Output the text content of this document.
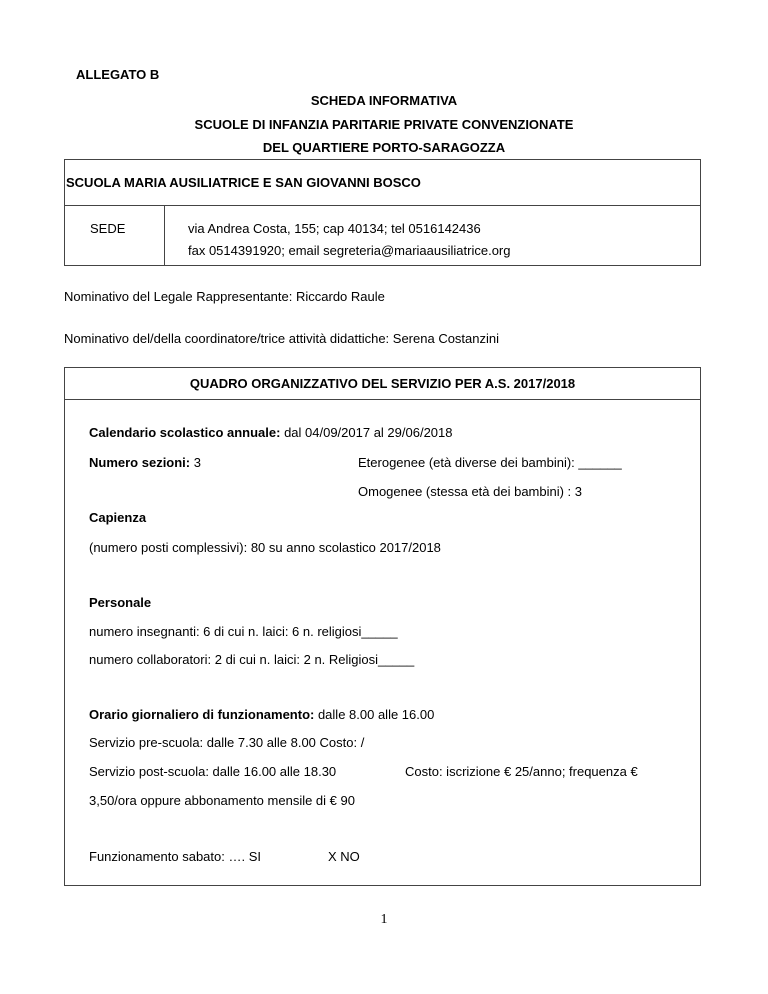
ALLEGATO B
SCHEDA INFORMATIVA
SCUOLE DI INFANZIA PARITARIE PRIVATE CONVENZIONATE
DEL QUARTIERE PORTO-SARAGOZZA
SCUOLA MARIA AUSILIATRICE E SAN GIOVANNI BOSCO
SEDE	via Andrea Costa, 155; cap 40134; tel 0516142436
fax 0514391920; email segreteria@mariaausiliatrice.org
Nominativo del Legale Rappresentante: Riccardo Raule
Nominativo del/della coordinatore/trice attività didattiche: Serena Costanzini
QUADRO ORGANIZZATIVO DEL SERVIZIO PER A.S. 2017/2018
Calendario scolastico annuale: dal 04/09/2017 al 29/06/2018
Numero sezioni: 3	Eterogenee (età diverse dei bambini): ______
Omogenee (stessa età dei bambini) : 3
Capienza
(numero posti complessivi): 80 su anno scolastico 2017/2018
Personale
numero insegnanti: 6 di cui n. laici: 6 n. religiosi_____
numero collaboratori: 2 di cui n. laici: 2 n. Religiosi_____
Orario giornaliero di funzionamento: dalle 8.00 alle 16.00
Servizio pre-scuola: dalle 7.30 alle 8.00 Costo: /
Servizio post-scuola: dalle 16.00 alle 18.30	Costo: iscrizione € 25/anno; frequenza €
3,50/ora oppure abbonamento mensile di € 90
Funzionamento sabato: …. SI	X NO
1
